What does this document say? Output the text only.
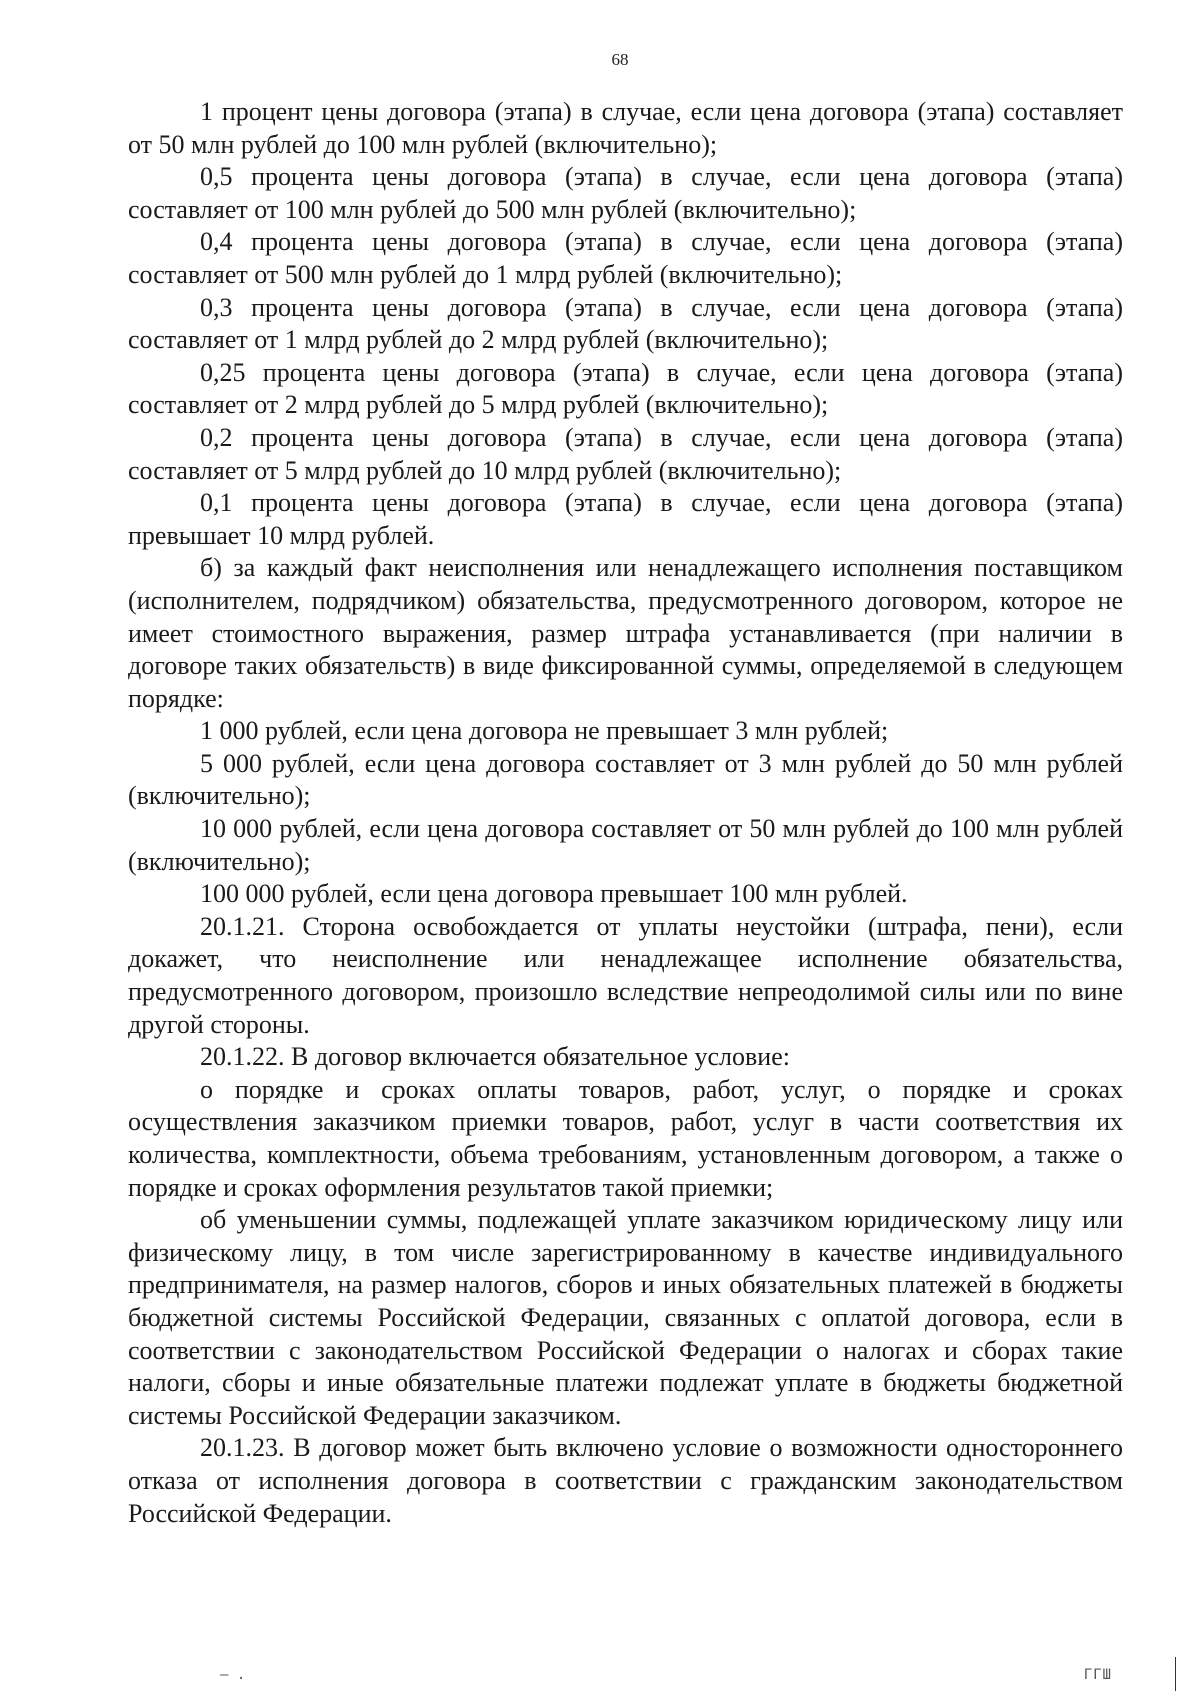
68

1 процент цены договора (этапа) в случае, если цена договора (этапа) составляет от 50 млн рублей до 100 млн рублей (включительно);

0,5 процента цены договора (этапа) в случае, если цена договора (этапа) составляет от 100 млн рублей до 500 млн рублей (включительно);

0,4 процента цены договора (этапа) в случае, если цена договора (этапа) составляет от 500 млн рублей до 1 млрд рублей (включительно);

0,3 процента цены договора (этапа) в случае, если цена договора (этапа) составляет от 1 млрд рублей до 2 млрд рублей (включительно);

0,25 процента цены договора (этапа) в случае, если цена договора (этапа) составляет от 2 млрд рублей до 5 млрд рублей (включительно);

0,2 процента цены договора (этапа) в случае, если цена договора (этапа) составляет от 5 млрд рублей до 10 млрд рублей (включительно);

0,1 процента цены договора (этапа) в случае, если цена договора (этапа) превышает 10 млрд рублей.

б) за каждый факт неисполнения или ненадлежащего исполнения поставщиком (исполнителем, подрядчиком) обязательства, предусмотренного договором, которое не имеет стоимостного выражения, размер штрафа устанавливается (при наличии в договоре таких обязательств) в виде фиксированной суммы, определяемой в следующем порядке:

1 000 рублей, если цена договора не превышает 3 млн рублей;

5 000 рублей, если цена договора составляет от 3 млн рублей до 50 млн рублей (включительно);

10 000 рублей, если цена договора составляет от 50 млн рублей до 100 млн рублей (включительно);

100 000 рублей, если цена договора превышает 100 млн рублей.

20.1.21. Сторона освобождается от уплаты неустойки (штрафа, пени), если докажет, что неисполнение или ненадлежащее исполнение обязательства, предусмотренного договором, произошло вследствие непреодолимой силы или по вине другой стороны.

20.1.22. В договор включается обязательное условие:

о порядке и сроках оплаты товаров, работ, услуг, о порядке и сроках осуществления заказчиком приемки товаров, работ, услуг в части соответствия их количества, комплектности, объема требованиям, установленным договором, а также о порядке и сроках оформления результатов такой приемки;

об уменьшении суммы, подлежащей уплате заказчиком юридическому лицу или физическому лицу, в том числе зарегистрированному в качестве индивидуального предпринимателя, на размер налогов, сборов и иных обязательных платежей в бюджеты бюджетной системы Российской Федерации, связанных с оплатой договора, если в соответствии с законодательством Российской Федерации о налогах и сборах такие налоги, сборы и иные обязательные платежи подлежат уплате в бюджеты бюджетной системы Российской Федерации заказчиком.

20.1.23. В договор может быть включено условие о возможности одностороннего отказа от исполнения договора в соответствии с гражданским законодательством Российской Федерации.

– .	ГГШ
